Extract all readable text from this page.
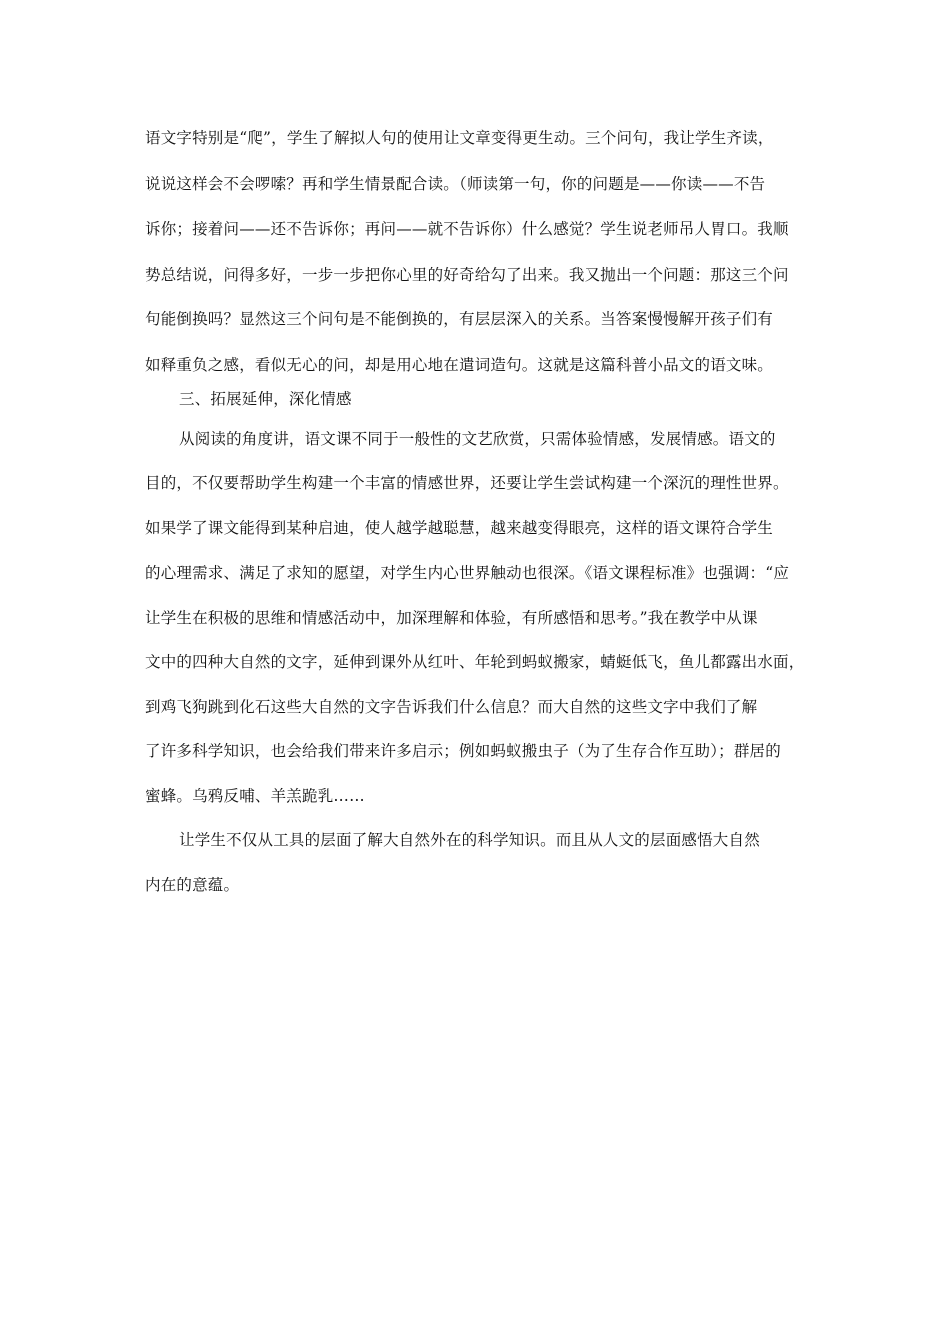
语文字特别是“爬”，学生了解拟人句的使用让文章变得更生动。三个问句，我让学生齐读，
说说这样会不会啰嗦？再和学生情景配合读。（师读第一句，你的问题是——你读——不告
诉你；接着问——还不告诉你；再问——就不告诉你）什么感觉？学生说老师吊人胃口。我顺
势总结说，问得多好，一步一步把你心里的好奇给勾了出来。我又抛出一个问题：那这三个问
句能倒换吗？显然这三个问句是不能倒换的，有层层深入的关系。当答案慢慢解开孩子们有
如释重负之感，看似无心的问，却是用心地在遣词造句。这就是这篇科普小品文的语文味。
三、拓展延伸，深化情感
从阅读的角度讲，语文课不同于一般性的文艺欣赏，只需体验情感，发展情感。语文的
目的，不仅要帮助学生构建一个丰富的情感世界，还要让学生尝试构建一个深沉的理性世界。
如果学了课文能得到某种启迪，使人越学越聪慧，越来越变得眼亮，这样的语文课符合学生
的心理需求、满足了求知的愿望，对学生内心世界触动也很深。《语文课程标准》也强调：“应
让学生在积极的思维和情感活动中，加深理解和体验，有所感悟和思考。”我在教学中从课
文中的四种大自然的文字，延伸到课外从红叶、年轮到蚂蚁搬家，蜻蜓低飞，鱼儿都露出水面，
到鸡飞狗跳到化石这些大自然的文字告诉我们什么信息？而大自然的这些文字中我们了解
了许多科学知识，也会给我们带来许多启示；例如蚂蚁搬虫子（为了生存合作互助）；群居的
蜜蜂。乌鸦反哺、羊羔跪乳……
让学生不仅从工具的层面了解大自然外在的科学知识。而且从人文的层面感悟大自然
内在的意蕴。
